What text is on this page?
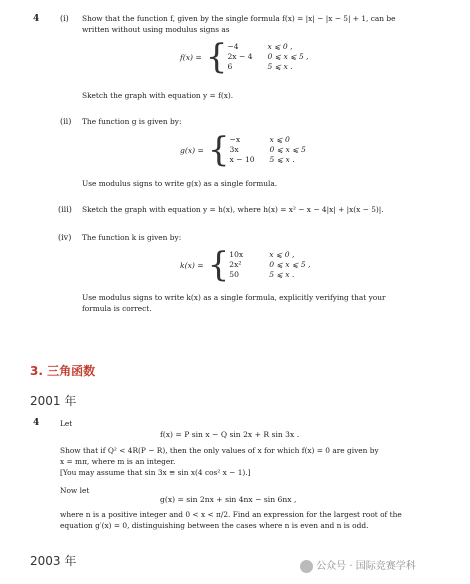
4	(i) Show that the function f, given by the single formula f(x) = |x| − |x − 5| + 1, can be
written without using modulus signs as
f(x) = { −4	x ⩽ 0 ,
2x − 4	0 ⩽ x ⩽ 5 ,
6	5 ⩽ x .
Sketch the graph with equation y = f(x).
(ii) The function g is given by:
g(x) = { −x	x ⩽ 0
3x	0 ⩽ x ⩽ 5
x − 10	5 ⩽ x .
Use modulus signs to write g(x) as a single formula.
(iii) Sketch the graph with equation y = h(x), where h(x) = x² − x − 4|x| + |x(x − 5)|.
(iv) The function k is given by:
k(x) = { 10x	x ⩽ 0 ,
2x²	0 ⩽ x ⩽ 5 ,
50	5 ⩽ x .
Use modulus signs to write k(x) as a single formula, explicitly verifying that your
formula is correct.
3. 三角函数
2001 年
4	Let
f(x) = P sin x − Q sin 2x + R sin 3x .
Show that if Q² < 4R(P − R), then the only values of x for which f(x) = 0 are given by
x = mπ, where m is an integer.
[You may assume that sin 3x ≡ sin x(4 cos² x − 1).]
Now let
g(x) = sin 2nx + sin 4nx − sin 6nx ,
where n is a positive integer and 0 < x < π/2. Find an expression for the largest root of the
equation g′(x) = 0, distinguishing between the cases where n is even and n is odd.
2003 年	公众号 · 国际竞赛学科
